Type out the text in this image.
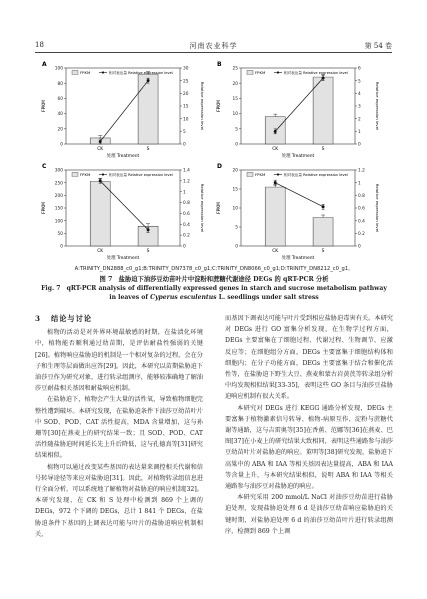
18	河南农业科学	第 54 卷
0
20
40
60
80
100
0
5
10
15
20
25
30
FPKM	Relative expression level
处理 Treatment
A
CK	S
FPKM	相对表达量 Relative expression level
0
5
10
15
20
25
0
1
2
3
4
5
6
FPKM	Relative expression level
处理 Treatment
B
CK	S
FPKM	相对表达量 Relative expression level
0
50
100
150
200
250
300
0
0.2
0.4
0.6
0.8
1
1.2
1.4
FPKM	Relative expression level
处理 Treatment
C
CK	S
FPKM	相对表达量 Relative expression level
0
5
10
15
20
0
0.2
0.4
0.6
0.8
1
1.2
FPKM	Relative expression level
处理 Treatment
D
CK	S
FPKM	相对表达量 Relative expression level
A:TRINITY_DN2888_c0_g1;B:TRINITY_DN7378_c0_g1;C:TRINITY_DN8066_c0_g1;D:TRINITY_DN8212_c0_g1。
图 7　盐胁迫下油莎豆幼苗叶片中淀粉和蔗糖代谢途径 DEGs 的 qRT-PCR 分析
Fig. 7　qRT-PCR analysis of differentially expressed genes in starch and sucrose metabolism pathway in leaves of Cyperus esculentus L. seedlings under salt stress
3 结论与讨论

植物的活动是对外界环境最敏感的时期，在盐渍化环境中，植物能否顺利通过幼苗期，是评估耐盐性强弱的关键[26]。植物响应盐胁迫的机制是一个相对复杂的过程，会在分子和生理等层面做出应答[29]。因此，本研究以苗期盐胁迫下油莎豆作为研究对象，进行转录组测序，能够较准确地了解油莎豆耐盐相关基因和耐盐响应机制。

在盐胁迫下，植物会产生大量的活性氧，导致植物细胞完整性遭到破坏。本研究发现，在盐胁迫条件下油莎豆幼苗叶片中 SOD、POD、CAT 活性提高，MDA 含量增加，这与孙珊等[30]在燕麦上的研究结果一致；且 SOD、POD、CAT 活性随盐胁迫时间延长先上升后降低，这与孔德真等[31]研究结果相似。

植物可以通过改变某些基因的表达量来调控相关代谢和信号转导途径等来应对盐胁迫[31]。因此，对植物转录组信息进行全面分析，可以系统地了解植物对盐胁迫的响应机制[32]。本研究发现，在 CK 和 S 处理中检测到 869 个上调的 DEGs，972 个下调的 DEGs，总计 1 841 个 DEGs，在盐胁迫条件下基因的上调表达可能与叶片的盐胁迫响应机制相关，

而基因下调表达可能与叶片受到相应盐胁迫毒害有关。本研究对 DEGs 进行 GO 富集分析发现，在生物学过程方面，DEGs 主要富集在了细胞过程、代谢过程、生物调节、应激反应等；在细胞组分方面，DEGs 主要富集于细胞结构体和细胞内；在分子功能方面，DEGs 主要富集于结合和催化活性等，在盐胁迫下野生大豆、燕麦和蒙古岩黄芪等转录组分析中均发现相似结果[33-35]，表明这些 GO 条目与油莎豆盐胁迫响应机制有很大关系。

本研究对 DEGs 进行 KEGG 通路分析发现，DEGs 主要富集于植物激素信号转导、植物-病原互作、淀粉与蔗糖代谢等通路，这与吉雷奥等[35]在香蕉、范娜等[36]在燕麦、巴图[37]在小麦上的研究结果大致相同，表明这些通路参与油莎豆幼苗叶片对盐胁迫的响应。董明等[38]研究发现，盐胁迫下高粱中的 ABA 和 IAA 等相关基因表达量提高，ABA 和 IAA 等含量上升，与本研究结果相似，说明 ABA 和 IAA 等相关通路参与油莎豆对盐胁迫的响应。

本研究采用 200 mmol/L NaCl 对油莎豆幼苗进行盐胁迫处理，发现盐胁迫处理 6 d 是油莎豆幼苗响应盐胁迫的关键时期，对盐胁迫处理 6 d 的油莎豆幼苗叶片进行转录组测序，检测到 869 个上调
